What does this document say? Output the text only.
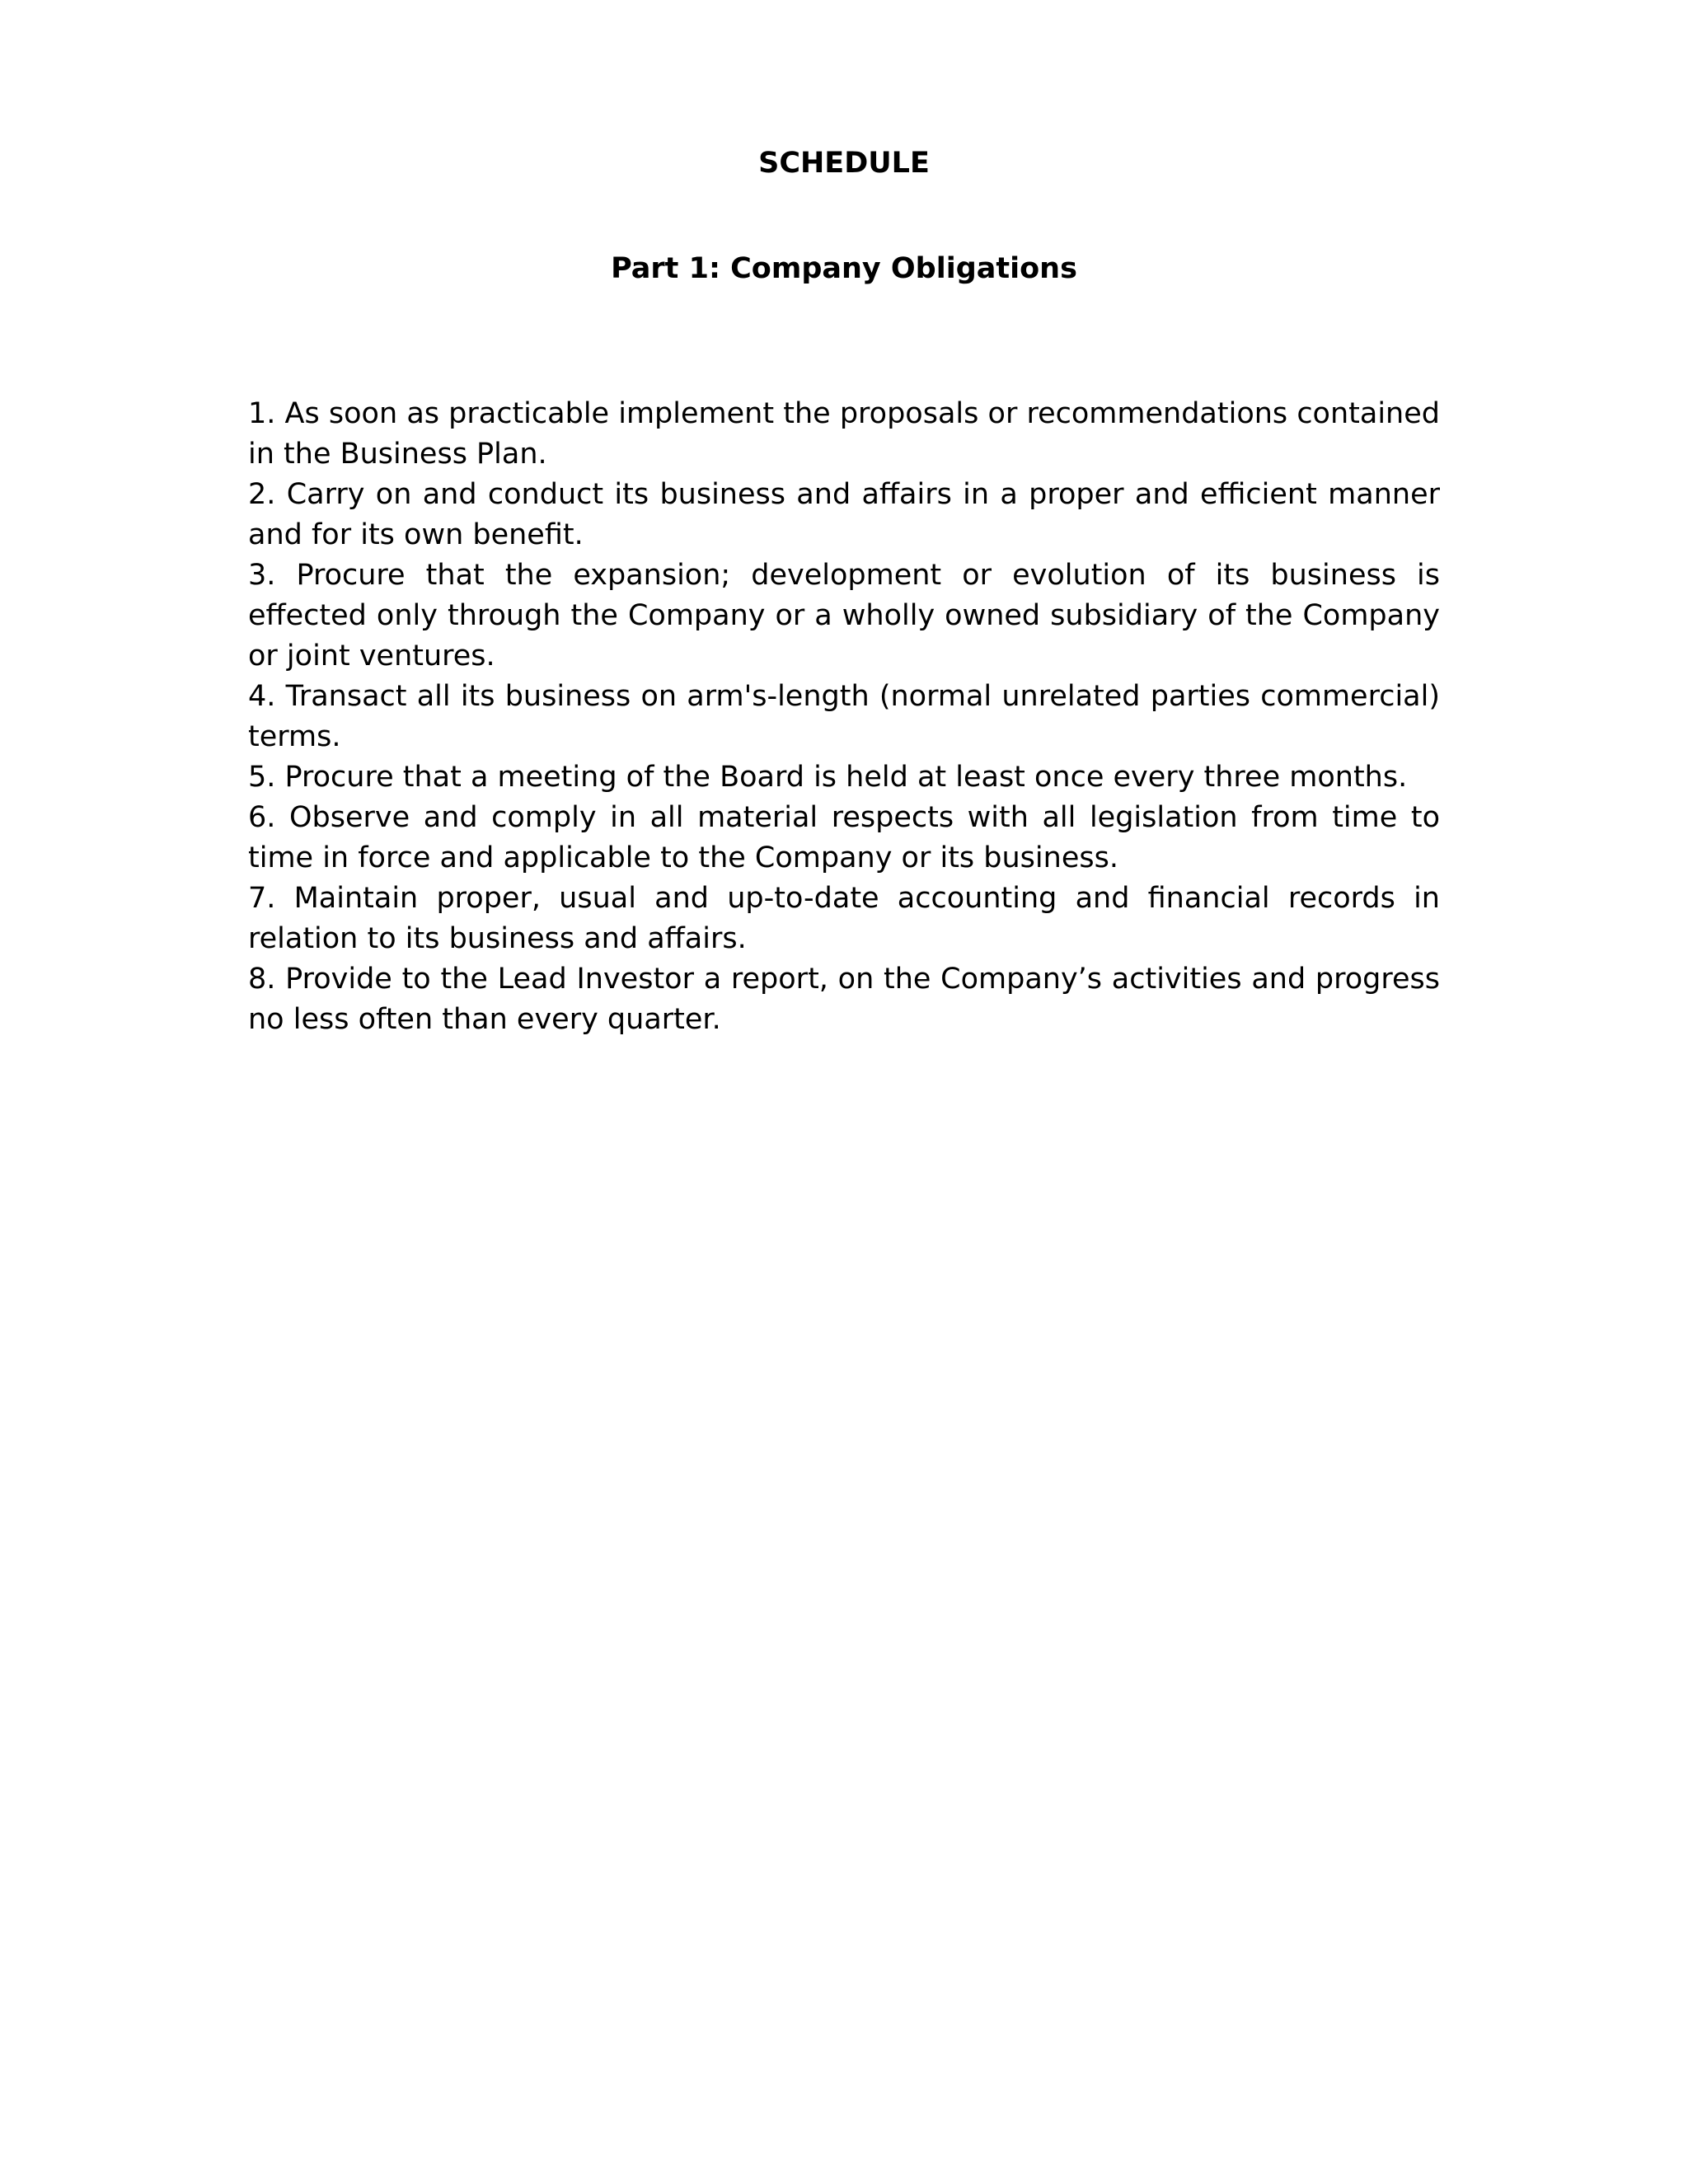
SCHEDULE
Part 1: Company Obligations
1. As soon as practicable implement the proposals or recommendations contained in the Business Plan.
2. Carry on and conduct its business and affairs in a proper and efficient manner and for its own benefit.
3. Procure that the expansion; development or evolution of its business is effected only through the Company or a wholly owned subsidiary of the Company or joint ventures.
4. Transact all its business on arm's-length (normal unrelated parties commercial) terms.
5. Procure that a meeting of the Board is held at least once every three months.
6. Observe and comply in all material respects with all legislation from time to time in force and applicable to the Company or its business.
7. Maintain proper, usual and up-to-date accounting and financial records in relation to its business and affairs.
8. Provide to the Lead Investor a report, on the Company’s activities and progress no less often than every quarter.
